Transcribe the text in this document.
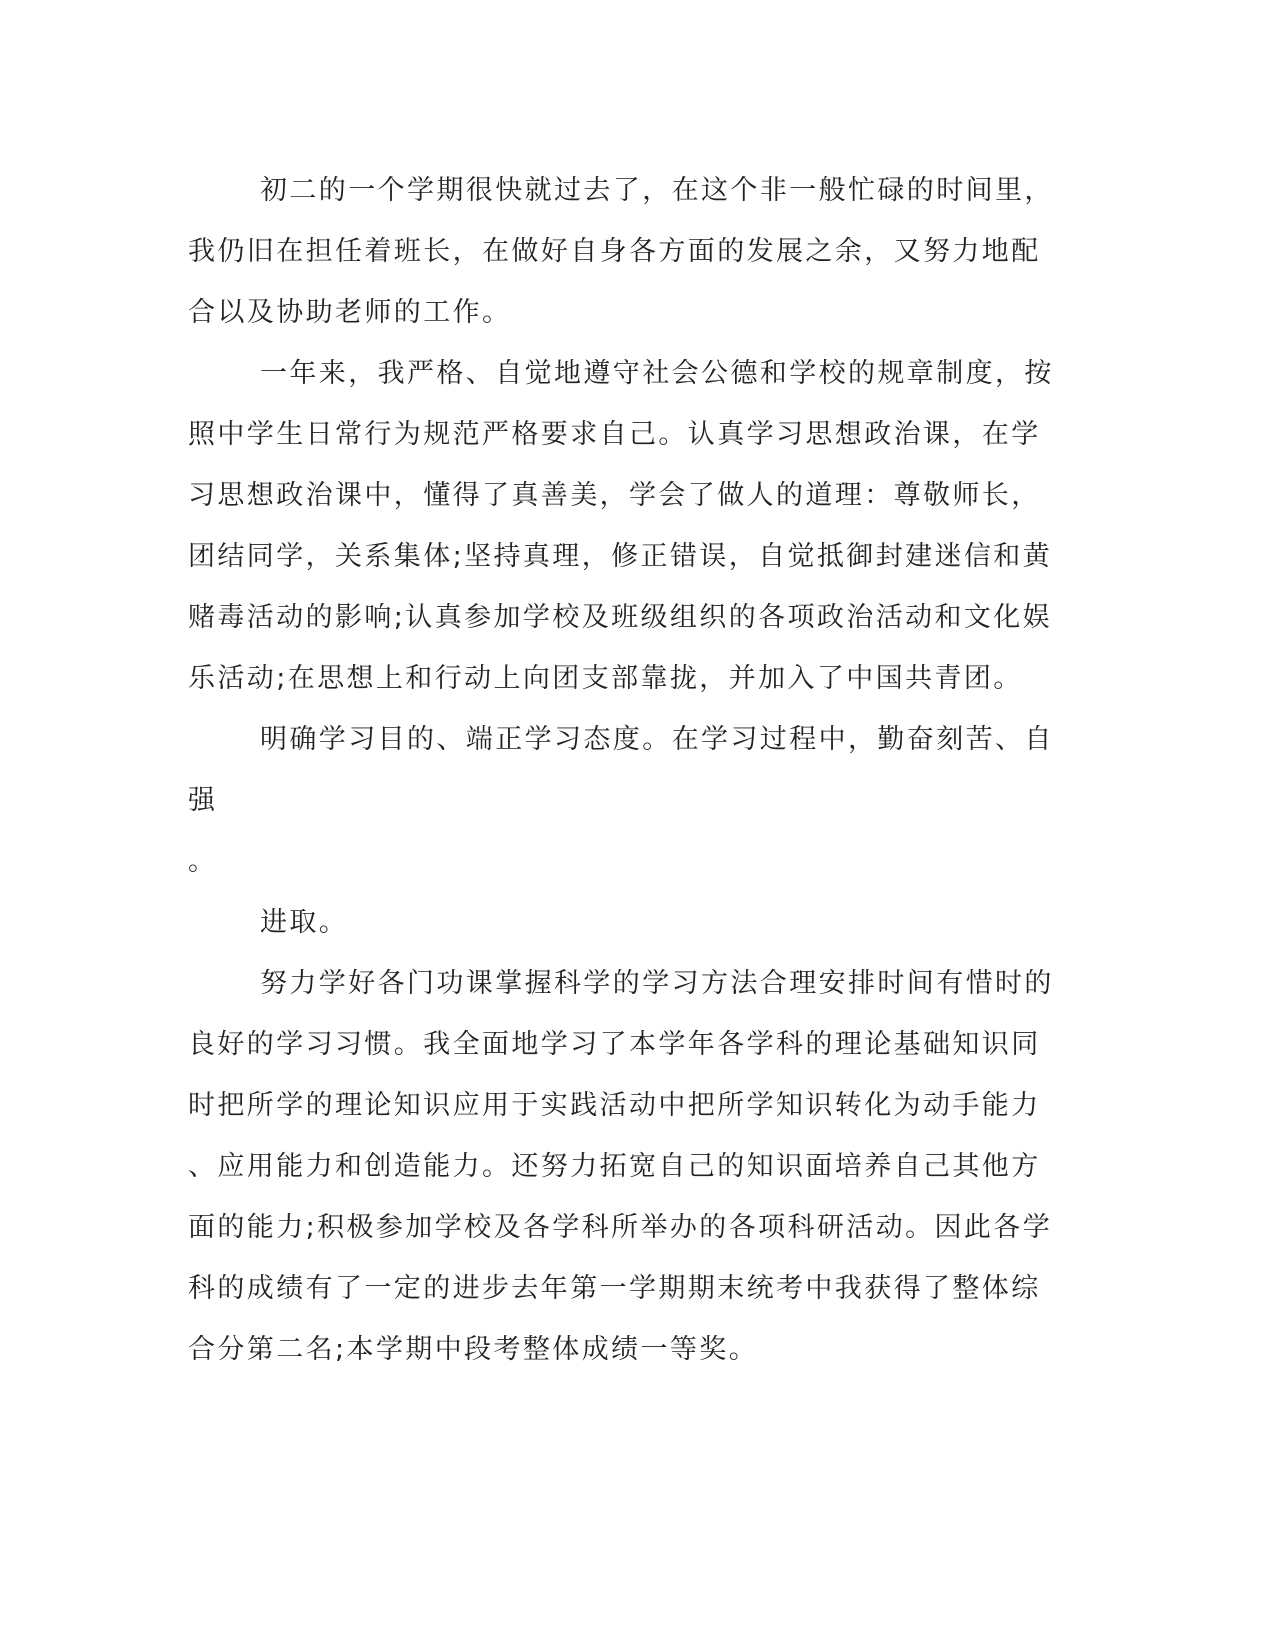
初二的一个学期很快就过去了，在这个非一般忙碌的时间里，我仍旧在担任着班长，在做好自身各方面的发展之余，又努力地配合以及协助老师的工作。

一年来，我严格、自觉地遵守社会公德和学校的规章制度，按照中学生日常行为规范严格要求自己。认真学习思想政治课，在学习思想政治课中，懂得了真善美，学会了做人的道理：尊敬师长，团结同学，关系集体;坚持真理，修正错误，自觉抵御封建迷信和黄赌毒活动的影响;认真参加学校及班级组织的各项政治活动和文化娱乐活动;在思想上和行动上向团支部靠拢，并加入了中国共青团。

明确学习目的、端正学习态度。在学习过程中，勤奋刻苦、自强

。

进取。

努力学好各门功课掌握科学的学习方法合理安排时间有惜时的良好的学习习惯。我全面地学习了本学年各学科的理论基础知识同时把所学的理论知识应用于实践活动中把所学知识转化为动手能力、应用能力和创造能力。还努力拓宽自己的知识面培养自己其他方面的能力;积极参加学校及各学科所举办的各项科研活动。因此各学科的成绩有了一定的进步去年第一学期期末统考中我获得了整体综合分第二名;本学期中段考整体成绩一等奖。
